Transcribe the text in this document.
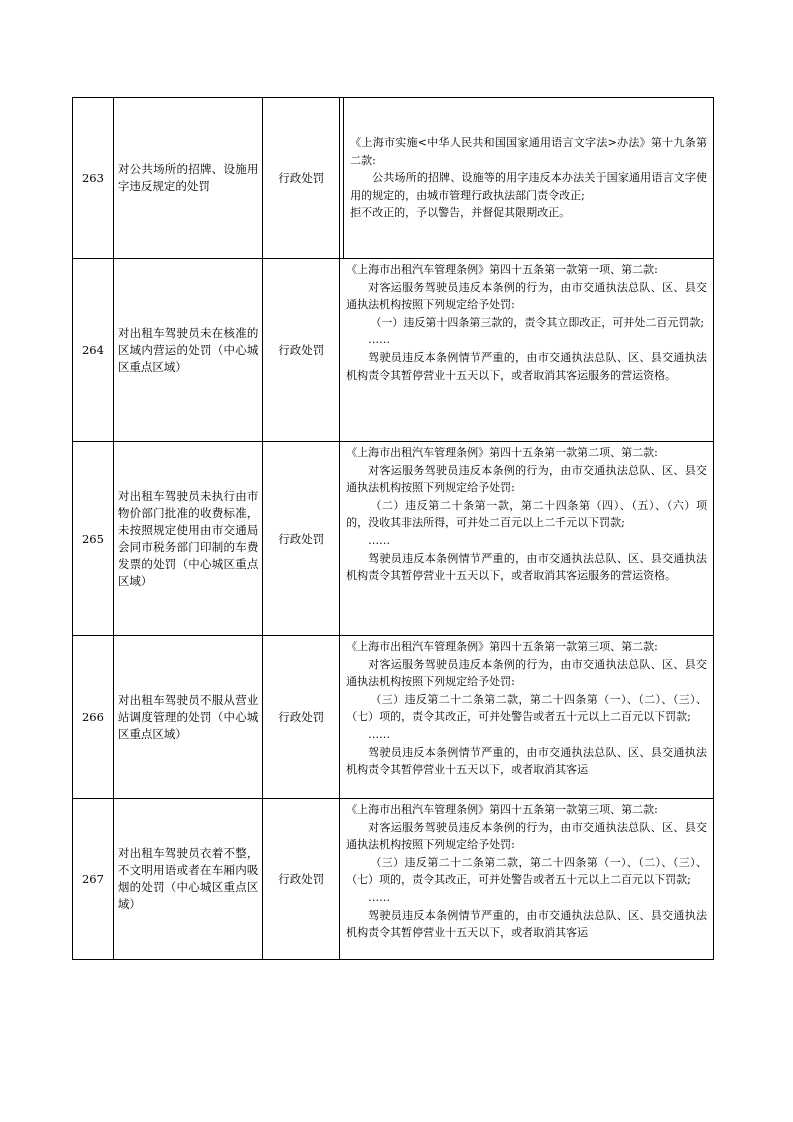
263
对公共场所的招牌、设施用字违反规定的处罚
行政处罚

《上海市实施<中华人民共和国国家通用语言文字法>办法》第十九条第二款:

公共场所的招牌、设施等的用字违反本办法关于国家通用语言文字使用的规定的，由城市管理行政执法部门责令改正;

拒不改正的，予以警告，并督促其限期改正。

264
对出租车驾驶员未在核准的区域内营运的处罚（中心城区重点区域）
行政处罚

《上海市出租汽车管理条例》第四十五条第一款第一项、第二款:

对客运服务驾驶员违反本条例的行为，由市交通执法总队、区、县交通执法机构按照下列规定给予处罚:

（一）违反第十四条第三款的，责令其立即改正，可并处二百元罚款;

……

驾驶员违反本条例情节严重的，由市交通执法总队、区、县交通执法机构责令其暂停营业十五天以下，或者取消其客运服务的营运资格。

265
对出租车驾驶员未执行由市物价部门批准的收费标准，未按照规定使用由市交通局会同市税务部门印制的车费发票的处罚（中心城区重点区域）
行政处罚

《上海市出租汽车管理条例》第四十五条第一款第二项、第二款:

对客运服务驾驶员违反本条例的行为，由市交通执法总队、区、县交通执法机构按照下列规定给予处罚:

（二）违反第二十条第一款，第二十四条第（四）、（五）、（六）项的，没收其非法所得，可并处二百元以上二千元以下罚款;

……

驾驶员违反本条例情节严重的，由市交通执法总队、区、县交通执法机构责令其暂停营业十五天以下，或者取消其客运服务的营运资格。

266
对出租车驾驶员不服从营业站调度管理的处罚（中心城区重点区域）
行政处罚

《上海市出租汽车管理条例》第四十五条第一款第三项、第二款:

对客运服务驾驶员违反本条例的行为，由市交通执法总队、区、县交通执法机构按照下列规定给予处罚:

（三）违反第二十二条第二款，第二十四条第（一）、（二）、（三）、（七）项的，责令其改正，可并处警告或者五十元以上二百元以下罚款;

……

驾驶员违反本条例情节严重的，由市交通执法总队、区、县交通执法机构责令其暂停营业十五天以下，或者取消其客运

267
对出租车驾驶员衣着不整，不文明用语或者在车厢内吸烟的处罚（中心城区重点区域）
行政处罚

《上海市出租汽车管理条例》第四十五条第一款第三项、第二款:

对客运服务驾驶员违反本条例的行为，由市交通执法总队、区、县交通执法机构按照下列规定给予处罚:

（三）违反第二十二条第二款，第二十四条第（一）、（二）、（三）、（七）项的，责令其改正，可并处警告或者五十元以上二百元以下罚款;

……

驾驶员违反本条例情节严重的，由市交通执法总队、区、县交通执法机构责令其暂停营业十五天以下，或者取消其客运
